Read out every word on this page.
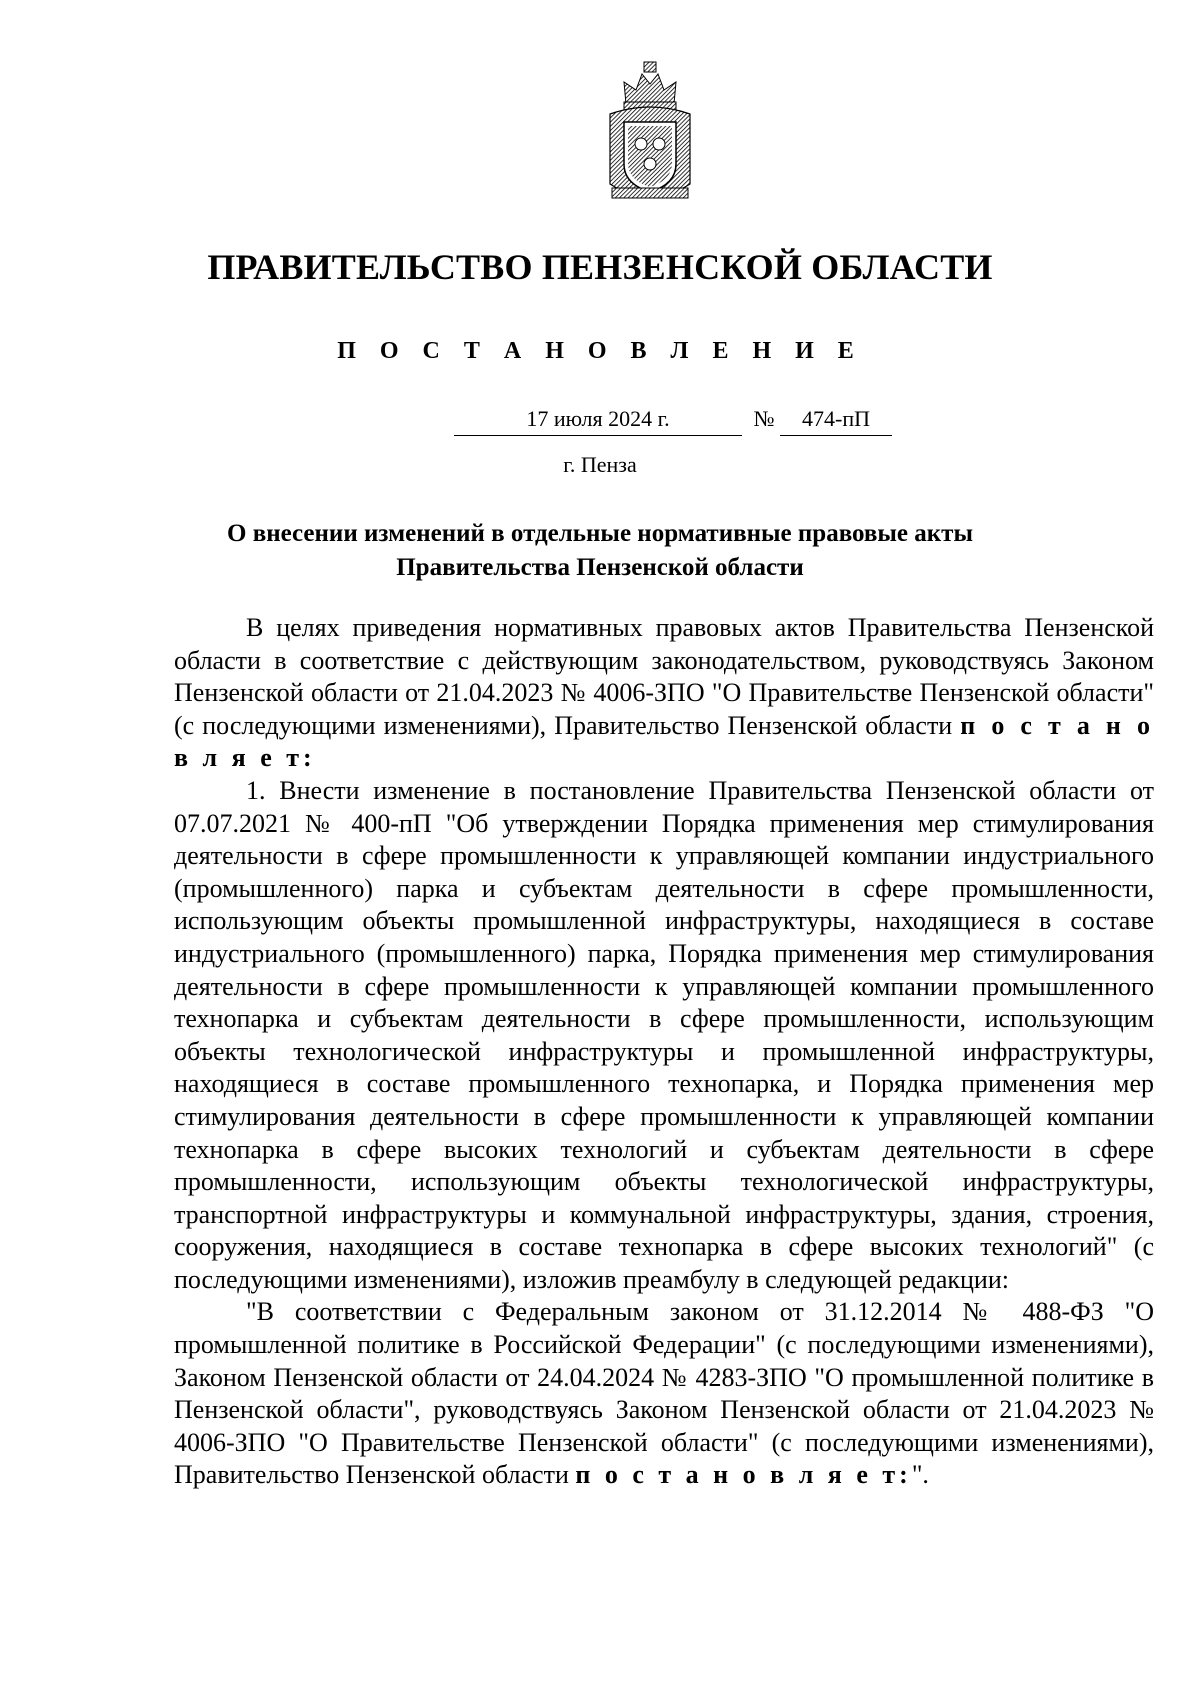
ПРАВИТЕЛЬСТВО ПЕНЗЕНСКОЙ ОБЛАСТИ
П О С Т А Н О В Л Е Н И Е
17 июля 2024 г.	№	474-пП
г. Пенза
О внесении изменений в отдельные нормативные правовые акты
Правительства Пензенской области

В целях приведения нормативных правовых актов Правительства Пензенской области в соответствие с действующим законодательством, руководствуясь Законом Пензенской области от 21.04.2023 № 4006-ЗПО "О Правительстве Пензенской области" (с последующими изменениями), Правительство Пензенской области п о с т а н о в л я е т:

1. Внести изменение в постановление Правительства Пензенской области от 07.07.2021 № 400-пП "Об утверждении Порядка применения мер стимулирования деятельности в сфере промышленности к управляющей компании индустриального (промышленного) парка и субъектам деятельности в сфере промышленности, использующим объекты промышленной инфраструктуры, находящиеся в составе индустриального (промышленного) парка, Порядка применения мер стимулирования деятельности в сфере промышленности к управляющей компании промышленного технопарка и субъектам деятельности в сфере промышленности, использующим объекты технологической инфраструктуры и промышленной инфраструктуры, находящиеся в составе промышленного технопарка, и Порядка применения мер стимулирования деятельности в сфере промышленности к управляющей компании технопарка в сфере высоких технологий и субъектам деятельности в сфере промышленности, использующим объекты технологической инфраструктуры, транспортной инфраструктуры и коммунальной инфраструктуры, здания, строения, сооружения, находящиеся в составе технопарка в сфере высоких технологий" (с последующими изменениями), изложив преамбулу в следующей редакции:

"В соответствии с Федеральным законом от 31.12.2014 № 488-ФЗ "О промышленной политике в Российской Федерации" (с последующими изменениями), Законом Пензенской области от 24.04.2024 № 4283-ЗПО "О промышленной политике в Пензенской области", руководствуясь Законом Пензенской области от 21.04.2023 № 4006-ЗПО "О Правительстве Пензенской области" (с последующими изменениями), Правительство Пензенской области п о с т а н о в л я е т:".
